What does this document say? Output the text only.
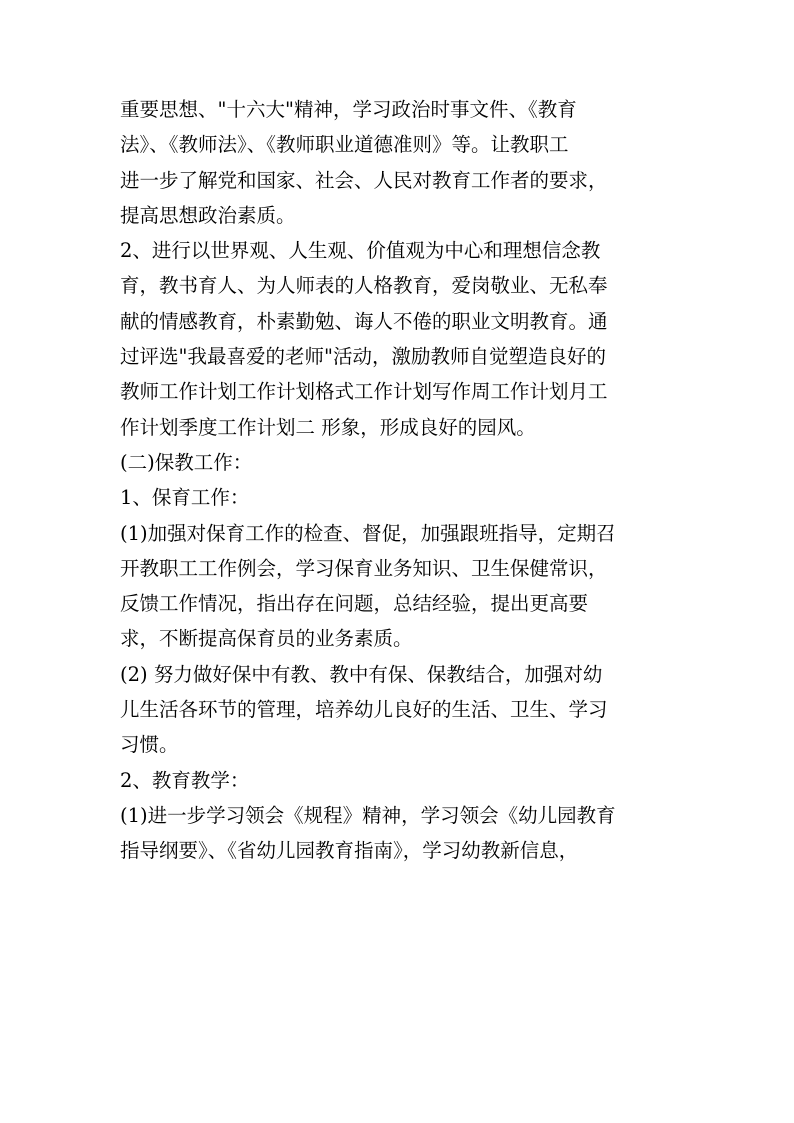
重要思想、"十六大"精神，学习政治时事文件、《教育
法》、《教师法》、《教师职业道德准则》等。让教职工
进一步了解党和国家、社会、人民对教育工作者的要求，
提高思想政治素质。
2、进行以世界观、人生观、价值观为中心和理想信念教
育，教书育人、为人师表的人格教育，爱岗敬业、无私奉
献的情感教育，朴素勤勉、诲人不倦的职业文明教育。通
过评选"我最喜爱的老师"活动，激励教师自觉塑造良好的
教师工作计划工作计划格式工作计划写作周工作计划月工
作计划季度工作计划二 形象，形成良好的园风。
(二)保教工作：
1、保育工作：
(1)加强对保育工作的检查、督促，加强跟班指导，定期召
开教职工工作例会，学习保育业务知识、卫生保健常识，
反馈工作情况，指出存在问题，总结经验，提出更高要
求，不断提高保育员的业务素质。
(2) 努力做好保中有教、教中有保、保教结合，加强对幼
儿生活各环节的管理，培养幼儿良好的生活、卫生、学习
习惯。
2、教育教学：
(1)进一步学习领会《规程》精神，学习领会《幼儿园教育
指导纲要》、《省幼儿园教育指南》，学习幼教新信息，
